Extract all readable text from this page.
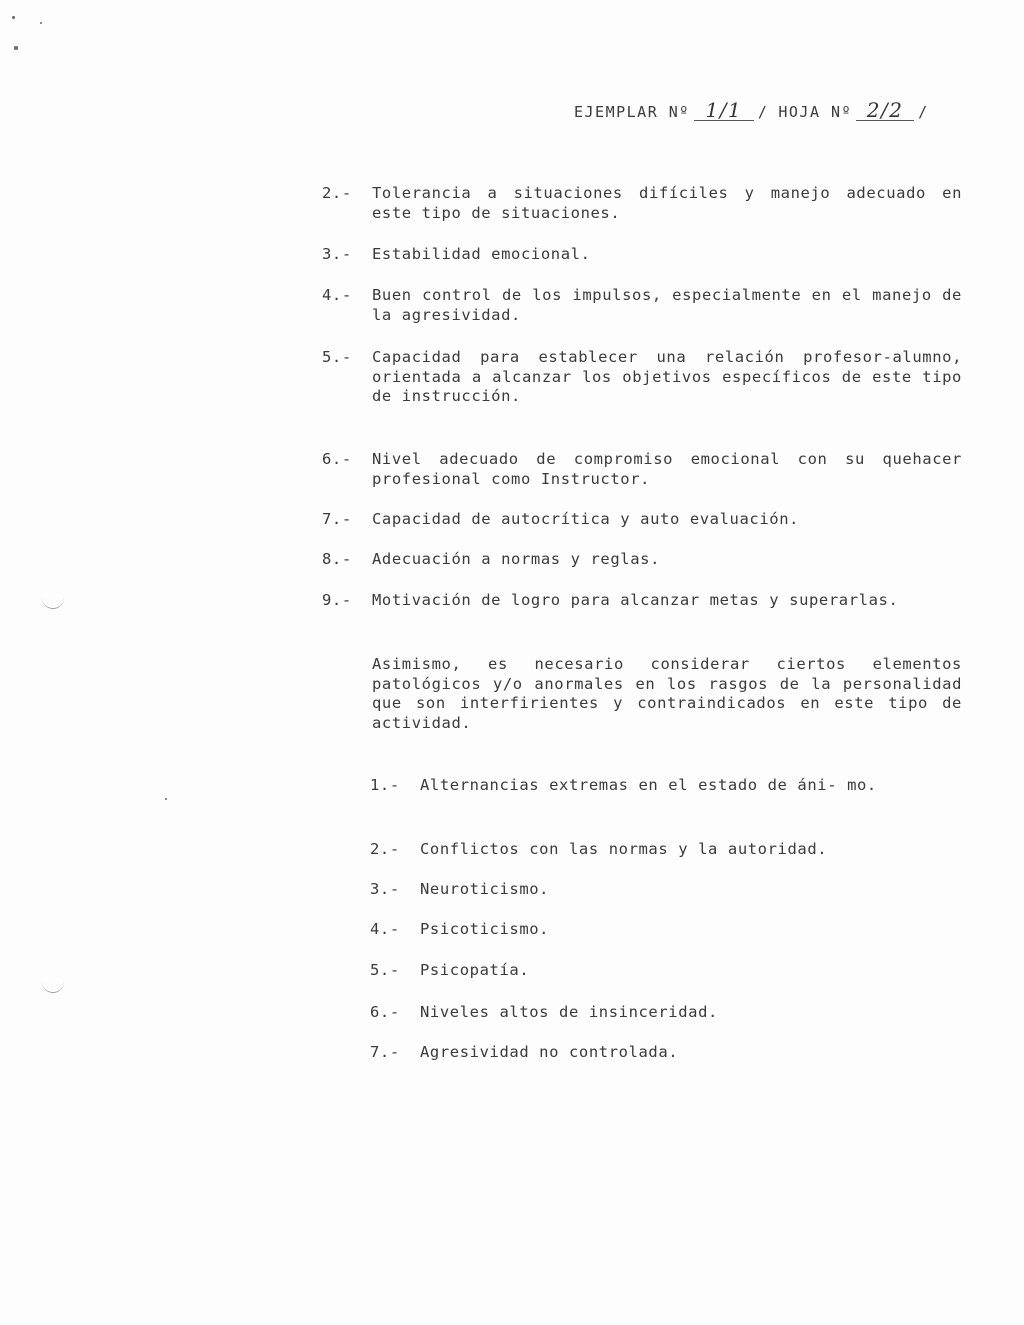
EJEMPLAR Nº 1/1	/ HOJA Nº 2/2 /
2.- Tolerancia a situaciones difíciles y manejo adecuado en este tipo de situaciones.
3.- Estabilidad emocional.
4.- Buen control de los impulsos, especialmente en el manejo de la agresividad.
5.- Capacidad para establecer una relación profesor-alumno, orientada a alcanzar los objetivos específicos de este tipo de instrucción.
6.- Nivel adecuado de compromiso emocional con su quehacer profesional como Instructor.
7.- Capacidad de autocrítica y auto evaluación.
8.- Adecuación a normas y reglas.
9.- Motivación de logro para alcanzar metas y superarlas.
Asimismo, es necesario considerar ciertos elementos patológicos y/o anormales en los rasgos de la personalidad que son interfirientes y contraindicados en este tipo de actividad.
1.- Alternancias extremas en el estado de áni- mo.
2.- Conflictos con las normas y la autoridad.
3.- Neuroticismo.
4.- Psicoticismo.
5.- Psicopatía.
6.- Niveles altos de insinceridad.
7.- Agresividad no controlada.
